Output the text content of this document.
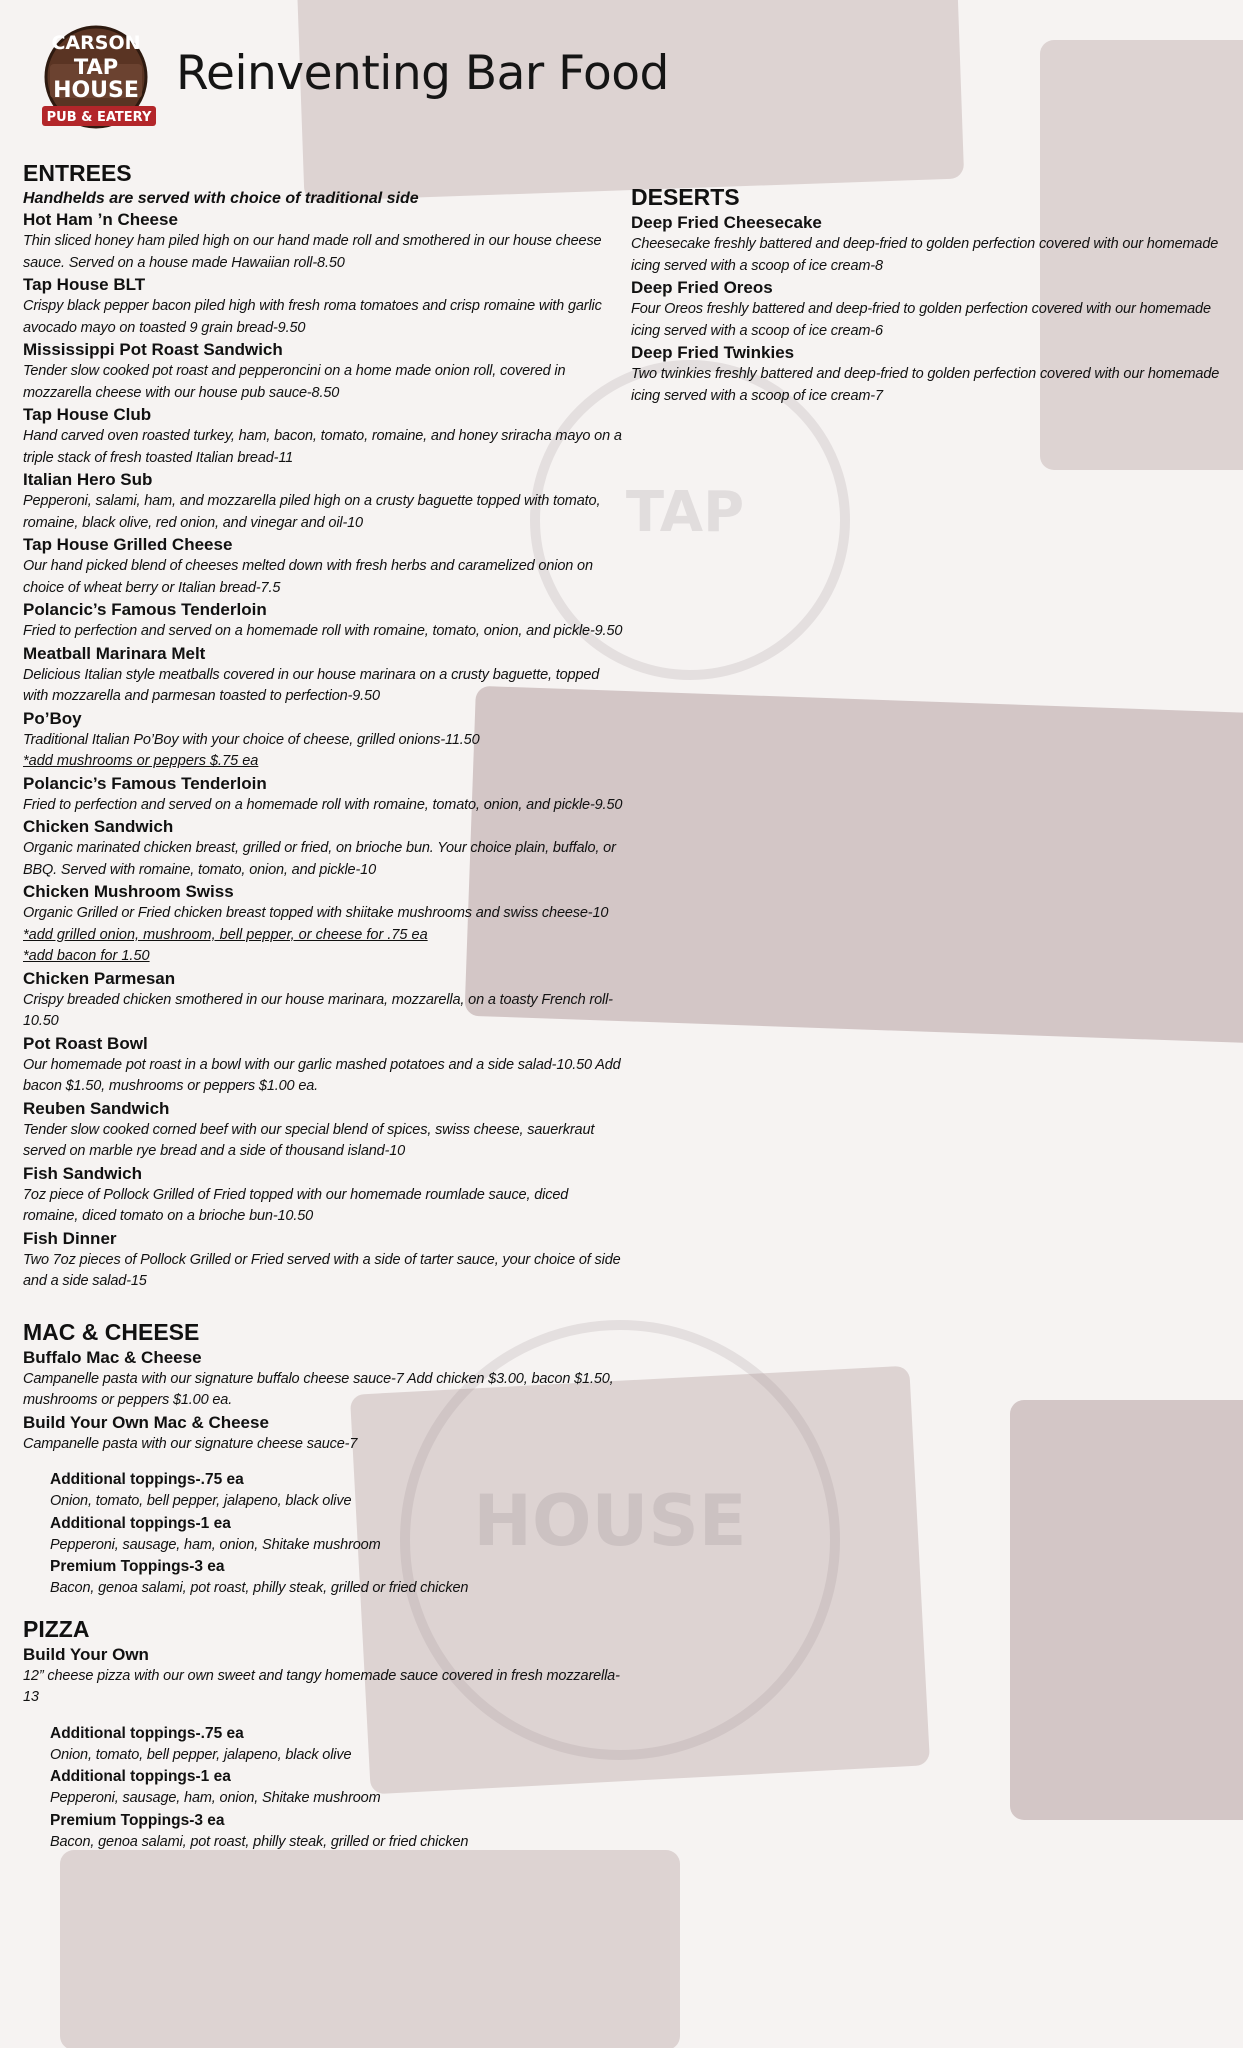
TAP
HOUSE
CARSON
TAP
HOUSE
PUB & EATERY
Reinventing Bar Food
ENTREES
Handhelds are served with choice of traditional side
Hot Ham ’n Cheese
Thin sliced honey ham piled high on our hand made roll and smothered in our house cheese sauce. Served on a house made Hawaiian roll-8.50
Tap House BLT
Crispy black pepper bacon piled high with fresh roma tomatoes and crisp romaine with garlic avocado mayo on toasted 9 grain bread-9.50
Mississippi Pot Roast Sandwich
Tender slow cooked pot roast and pepperoncini on a home made onion roll, covered in mozzarella cheese with our house pub sauce-8.50
Tap House Club
Hand carved oven roasted turkey, ham, bacon, tomato, romaine, and honey sriracha mayo on a triple stack of fresh toasted Italian bread-11
Italian Hero Sub
Pepperoni, salami, ham, and mozzarella piled high on a crusty baguette topped with tomato, romaine, black olive, red onion, and vinegar and oil-10
Tap House Grilled Cheese
Our hand picked blend of cheeses melted down with fresh herbs and caramelized onion on choice of wheat berry or Italian bread-7.5
Polancic’s Famous Tenderloin
Fried to perfection and served on a homemade roll with romaine, tomato, onion, and pickle-9.50
Meatball Marinara Melt
Delicious Italian style meatballs covered in our house marinara on a crusty baguette, topped with mozzarella and parmesan toasted to perfection-9.50
Po’Boy
Traditional Italian Po’Boy with your choice of cheese, grilled onions-11.50
*add mushrooms or peppers $.75 ea
Polancic’s Famous Tenderloin
Fried to perfection and served on a homemade roll with romaine, tomato, onion, and pickle-9.50
Chicken Sandwich
Organic marinated chicken breast, grilled or fried, on brioche bun. Your choice plain, buffalo, or BBQ. Served with romaine, tomato, onion, and pickle-10
Chicken Mushroom Swiss
Organic Grilled or Fried chicken breast topped with shiitake mushrooms and swiss cheese-10
*add grilled onion, mushroom, bell pepper, or cheese for .75 ea
*add bacon for 1.50
Chicken Parmesan
Crispy breaded chicken smothered in our house marinara, mozzarella, on a toasty French roll-10.50
Pot Roast Bowl
Our homemade pot roast in a bowl with our garlic mashed potatoes and a side salad-10.50 Add bacon $1.50, mushrooms or peppers $1.00 ea.
Reuben Sandwich
Tender slow cooked corned beef with our special blend of spices, swiss cheese, sauerkraut served on marble rye bread and a side of thousand island-10
Fish Sandwich
7oz piece of Pollock Grilled of Fried topped with our homemade roumlade sauce, diced romaine, diced tomato on a brioche bun-10.50
Fish Dinner
Two 7oz pieces of Pollock Grilled or Fried served with a side of tarter sauce, your choice of side and a side salad-15
MAC & CHEESE
Buffalo Mac & Cheese
Campanelle pasta with our signature buffalo cheese sauce-7 Add chicken $3.00, bacon $1.50, mushrooms or peppers $1.00 ea.
Build Your Own Mac & Cheese
Campanelle pasta with our signature cheese sauce-7
Additional toppings-.75 ea
Onion, tomato, bell pepper, jalapeno, black olive
Additional toppings-1 ea
Pepperoni, sausage, ham, onion, Shitake mushroom
Premium Toppings-3 ea
Bacon, genoa salami, pot roast, philly steak, grilled or fried chicken
PIZZA
Build Your Own
12” cheese pizza with our own sweet and tangy homemade sauce covered in fresh mozzarella-13
Additional toppings-.75 ea
Onion, tomato, bell pepper, jalapeno, black olive
Additional toppings-1 ea
Pepperoni, sausage, ham, onion, Shitake mushroom
Premium Toppings-3 ea
Bacon, genoa salami, pot roast, philly steak, grilled or fried chicken
DESERTS
Deep Fried Cheesecake
Cheesecake freshly battered and deep-fried to golden perfection covered with our homemade icing served with a scoop of ice cream-8
Deep Fried Oreos
Four Oreos freshly battered and deep-fried to golden perfection covered with our homemade icing served with a scoop of ice cream-6
Deep Fried Twinkies
Two twinkies freshly battered and deep-fried to golden perfection covered with our homemade icing served with a scoop of ice cream-7
